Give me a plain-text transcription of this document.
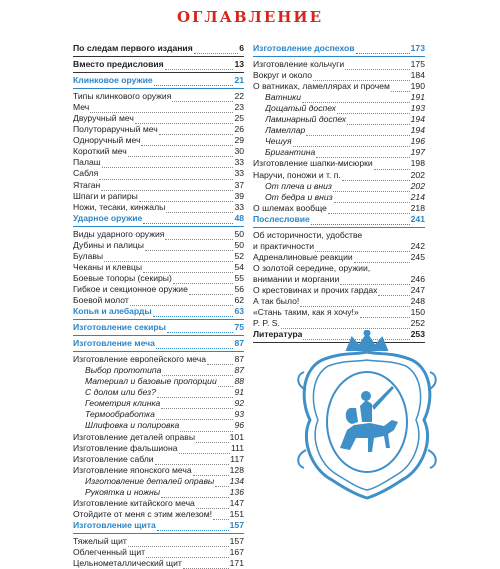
ОГЛАВЛЕНИЕ
По следам первого издания	6
Вместо предисловия	13
Клинковое оружие	21
Типы клинкового оружия	22
Меч	23
Двуручный меч	25
Полуторaручный меч	26
Одноручный меч	29
Короткий меч	30
Палаш	33
Сабля	33
Ятаган	37
Шпаги и рапиры	39
Ножи, тесаки, кинжалы	33
Ударное оружие	48
Виды ударного оружия	50
Дубины и палицы	50
Булавы	52
Чеканы и клевцы	54
Боевые топоры (секиры)	55
Гибкое и секционное оружие	56
Боевой молот	62
Копья и алебарды	63
Изготовление секиры	75
Изготовление меча	87
Изготовление европейского меча	87
Выбор прототипа	87
Материал и базовые пропорции 88
С долом или без?	91
Геометрия клинка	92
Термообработка	93
Шлифовка и полировка	96
Изготовление деталей оправы	101
Изготовление фальшиона	111
Изготовление сабли	117
Изготовление японского меча	128
Изготовление деталей оправы 134
Рукоятка и ножны	136
Изготовление китайского меча	147
Отойдите от меня с этим железом! 151
Изготовление щита	157
Тяжелый щит	157
Облегченный щит	167
Цельнометаллический щит	171
Изготовление доспехов	173
Изготовление кольчуги	175
Вокруг и около	184
О ватниках, ламеллярах и прочем 190
Ватники	191
Дощатый доспех	193
Ламинарный доспех	194
Ламеллар	194
Чешуя	196
Бригантина	197
Изготовление шапки-мисюрки	198
Наручи, поножи и т. п.	202
От плеча и вниз	202
От бедра и вниз	214
О шлемах вообще	218
Послесловие	241
Об историчности, удобстве
и практичности	242
Адреналиновые реакции	245
О золотой середине, оружии,
внимании и моргании	246
О крестовинах и прочих гардах	247
А так было!	248
«Стань таким, как я хочу!»	150
P. P. S.	252
Литература	253
